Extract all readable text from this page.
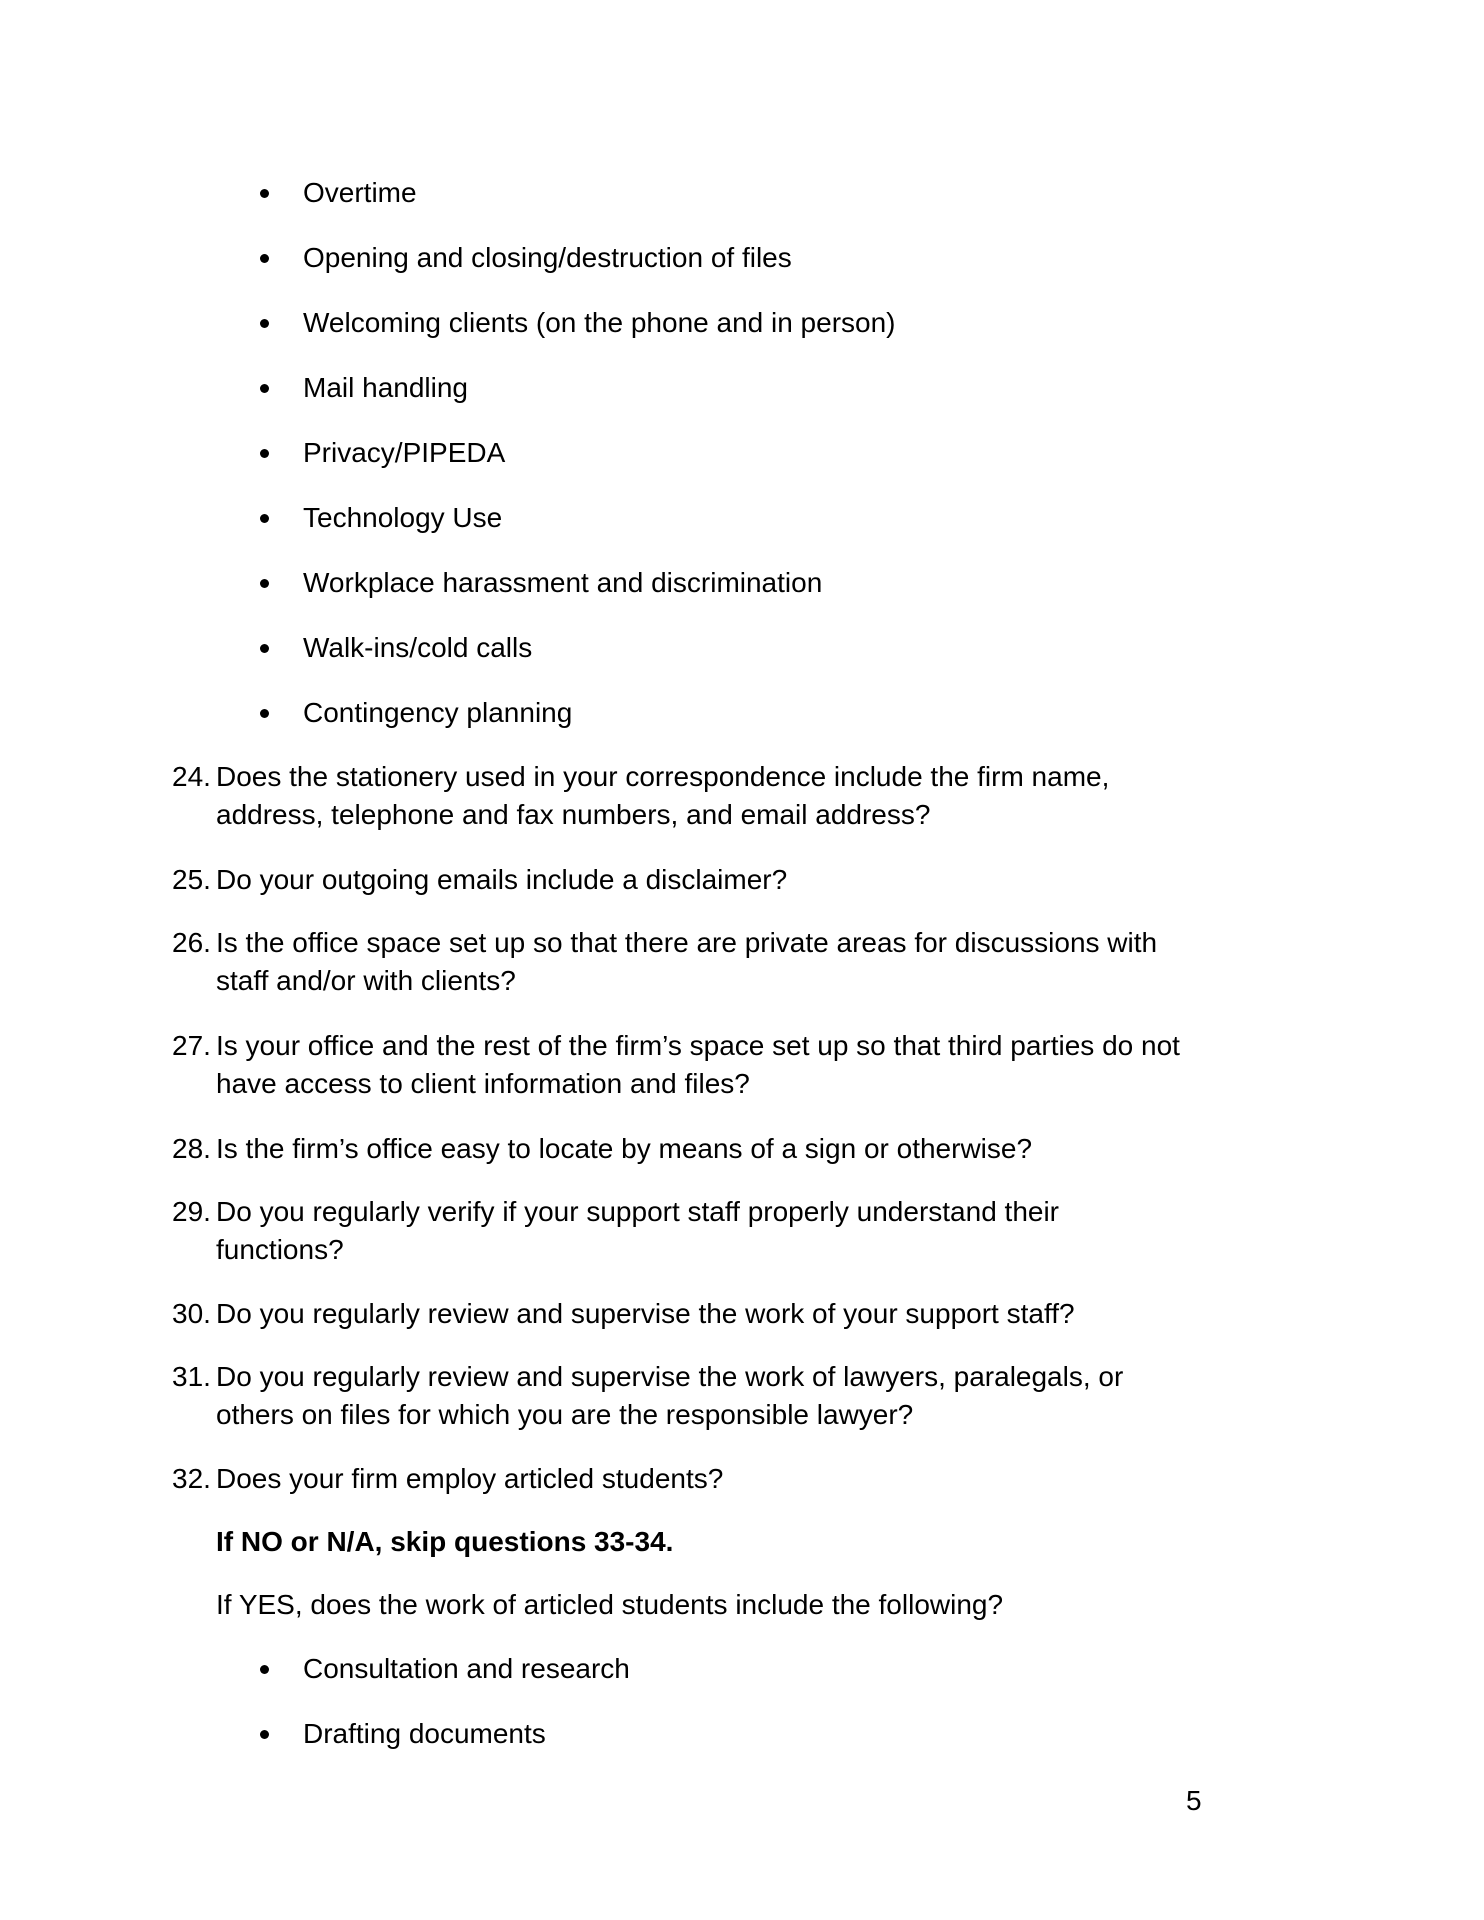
Overtime
Opening and closing/destruction of files
Welcoming clients (on the phone and in person)
Mail handling
Privacy/PIPEDA
Technology Use
Workplace harassment and discrimination
Walk-ins/cold calls
Contingency planning
24. Does the stationery used in your correspondence include the firm name,
address, telephone and fax numbers, and email address?
25. Do your outgoing emails include a disclaimer?
26. Is the office space set up so that there are private areas for discussions with
staff and/or with clients?
27. Is your office and the rest of the firm’s space set up so that third parties do not
have access to client information and files?
28. Is the firm’s office easy to locate by means of a sign or otherwise?
29. Do you regularly verify if your support staff properly understand their
functions?
30. Do you regularly review and supervise the work of your support staff?
31. Do you regularly review and supervise the work of lawyers, paralegals, or
others on files for which you are the responsible lawyer?
32. Does your firm employ articled students?
If NO or N/A, skip questions 33-34.
If YES, does the work of articled students include the following?
Consultation and research
Drafting documents
5
